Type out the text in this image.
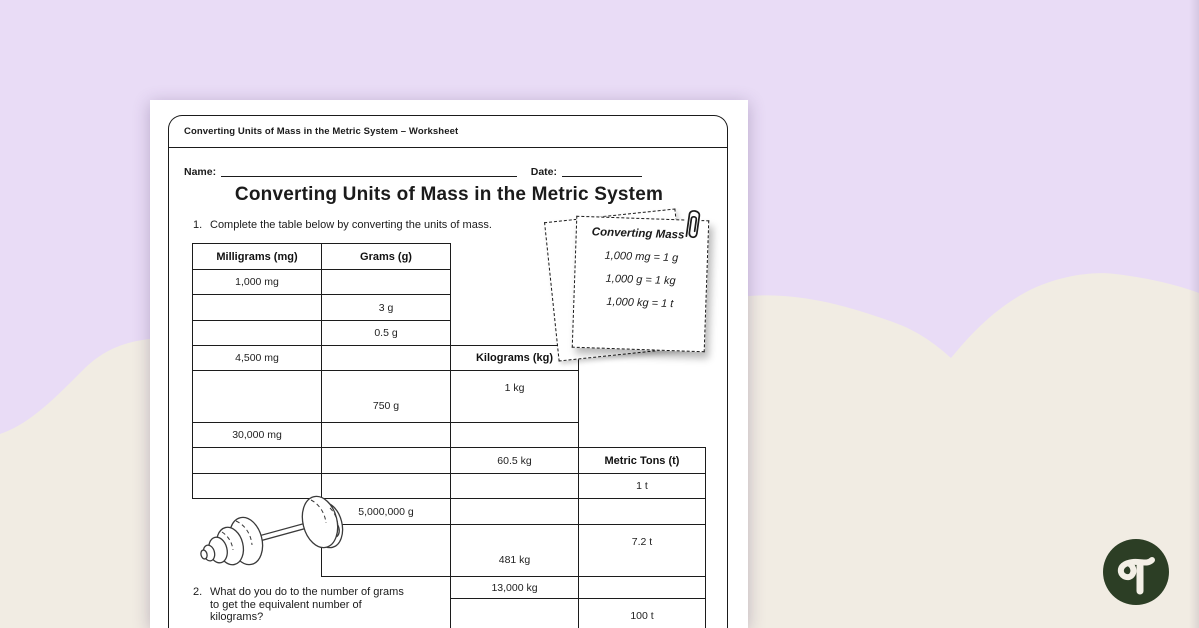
Converting Units of Mass in the Metric System – Worksheet
Name:	Date:
Converting Units of Mass in the Metric System
1. Complete the table below by converting the units of mass.
Milligrams (mg)
1,000 mg
4,500 mg
30,000 mg
Grams (g)
3 g
0.5 g
750 g
5,000,000 g
Kilograms (kg)
1 kg
60.5 kg
481 kg
13,000 kg
Metric Tons (t)
1 t
7.2 t
100 t
2. What do you do to the number of grams to get the equivalent number of kilograms?
Converting Mass
1,000 mg = 1 g
1,000 g = 1 kg
1,000 kg = 1 t
